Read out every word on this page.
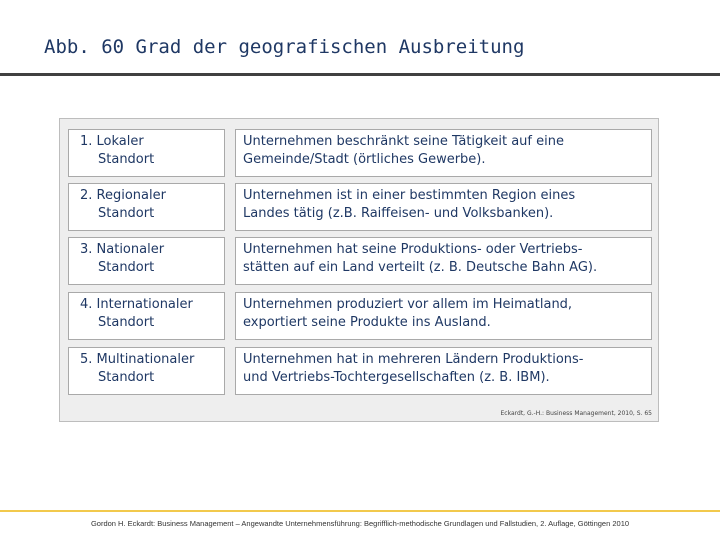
Abb. 60 Grad der geografischen Ausbreitung
1. Lokaler
Standort
Unternehmen beschränkt seine Tätigkeit auf eine
Gemeinde/Stadt (örtliches Gewerbe).
2. Regionaler
Standort
Unternehmen ist in einer bestimmten Region eines
Landes tätig (z.B. Raiffeisen- und Volksbanken).
3. Nationaler
Standort
Unternehmen hat seine Produktions- oder Vertriebs-
stätten auf ein Land verteilt (z. B. Deutsche Bahn AG).
4. Internationaler
Standort
Unternehmen produziert vor allem im Heimatland,
exportiert seine Produkte ins Ausland.
5. Multinationaler
Standort
Unternehmen hat in mehreren Ländern Produktions-
und Vertriebs-Tochtergesellschaften (z. B. IBM).
Eckardt, G.-H.: Business Management, 2010, S. 65
Gordon H. Eckardt: Business Management – Angewandte Unternehmensführung: Begrifflich-methodische Grundlagen und Fallstudien, 2. Auflage, Göttingen 2010
